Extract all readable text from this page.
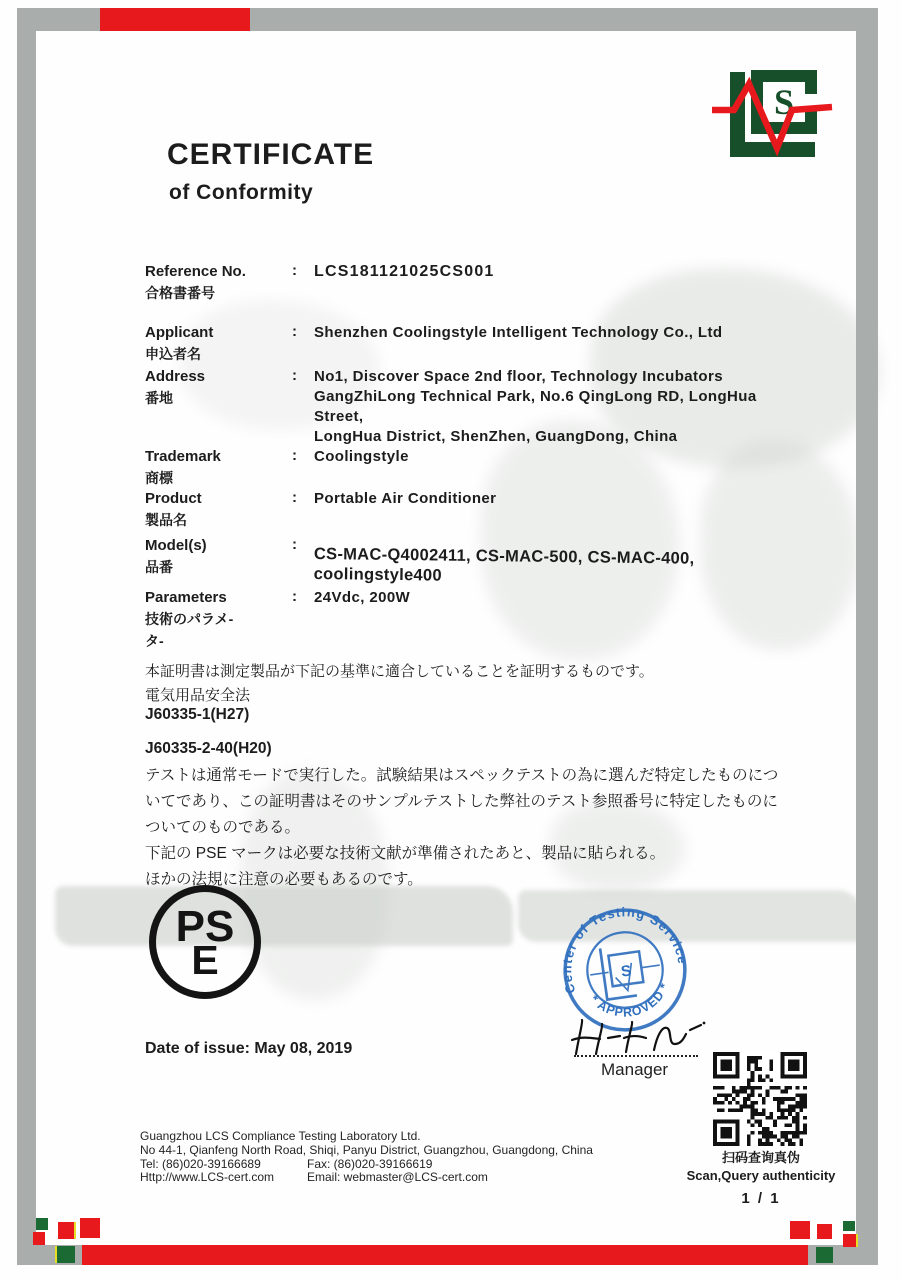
S
CERTIFICATE
of Conformity
Reference No.
合格書番号
:	LCS181121025CS001
Applicant
申込者名
:	Shenzhen Coolingstyle Intelligent Technology Co., Ltd
Address
番地
:	No1, Discover Space 2nd floor, Technology Incubators
GangZhiLong Technical Park, No.6 QingLong RD, LongHua Street,
LongHua District, ShenZhen, GuangDong, China
Trademark
商標
:	Coolingstyle
Product
製品名
:	Portable Air Conditioner
Model(s)
品番
:
CS-MAC-Q4002411, CS-MAC-500, CS-MAC-400, coolingstyle400
Parameters
技術のパラメ-
タ-
:	24Vdc, 200W
本証明書は測定製品が下記の基準に適合していることを証明するものです。
電気用品安全法
J60335-1(H27)
J60335-2-40(H20)
テストは通常モードで実行した。試験結果はスペックテストの為に選んだ特定したものにつ
いてであり、この証明書はそのサンプルテストした弊社のテスト参照番号に特定したものに
ついてのものである。
下記の PSE マークは必要な技術文献が準備されたあと、製品に貼られる。
ほかの法規に注意の必要もあるのです。
PS
E	S
Center of Testing Service
* APPROVED *
Manager
Date of issue: May 08, 2019
Guangzhou LCS Compliance Testing Laboratory Ltd.
No 44-1, Qianfeng North Road, Shiqi, Panyu District, Guangzhou, Guangdong, China
Tel: (86)020-39166689	Fax: (86)020-39166619
Http://www.LCS-cert.com	Email: webmaster@LCS-cert.com
扫码查询真伪
Scan,Query authenticity
1 / 1
